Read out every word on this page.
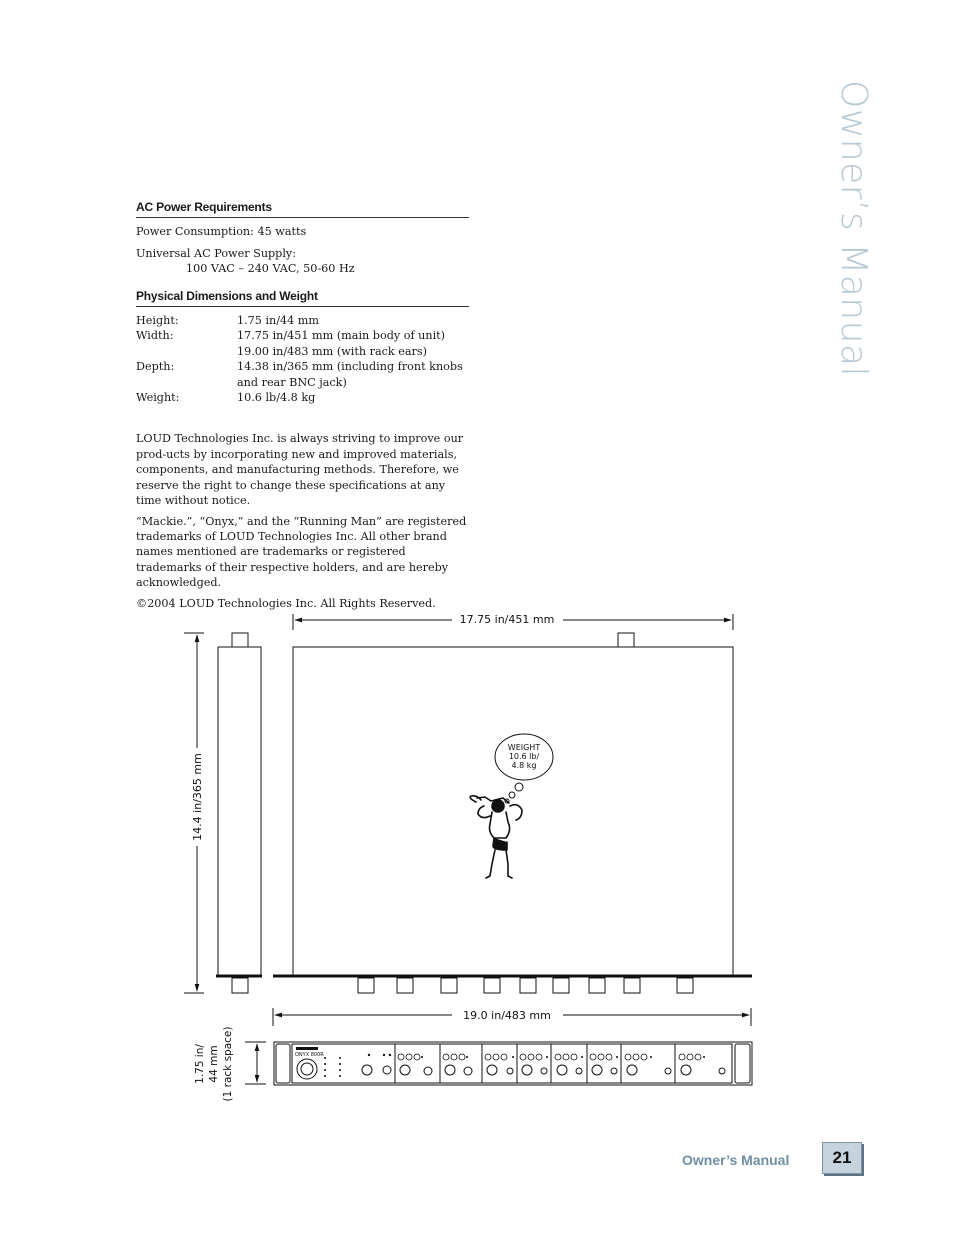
Owner’s Manual
AC Power Requirements

Power Consumption: 45 watts

Universal AC Power Supply:
100 VAC – 240 VAC, 50-60 Hz
Physical Dimensions and Weight
Height:	1.75 in/44 mm
Width:	17.75 in/451 mm (main body of unit)
19.00 in/483 mm (with rack ears)
Depth:	14.38 in/365 mm (including front knobs and rear BNC jack)
Weight:	10.6 lb/4.8 kg

LOUD Technologies Inc. is always striving to improve our prod-ucts by incorporating new and improved materials, components, and manufacturing methods. Therefore, we reserve the right to change these specifications at any time without notice.

“Mackie.”, “Onyx,” and the “Running Man” are registered trademarks of LOUD Technologies Inc. All other brand names mentioned are trademarks or registered trademarks of their respective holders, and are hereby acknowledged.

©2004 LOUD Technologies Inc. All Rights Reserved.

17.75 in/451 mm
19.0 in/483 mm
14.4 in/365 mm
1.75 in/ 44 mm (1 rack space)
WEIGHT
10.6 lb/
4.8 kg
ONYX 800R
Owner’s Manual	21
